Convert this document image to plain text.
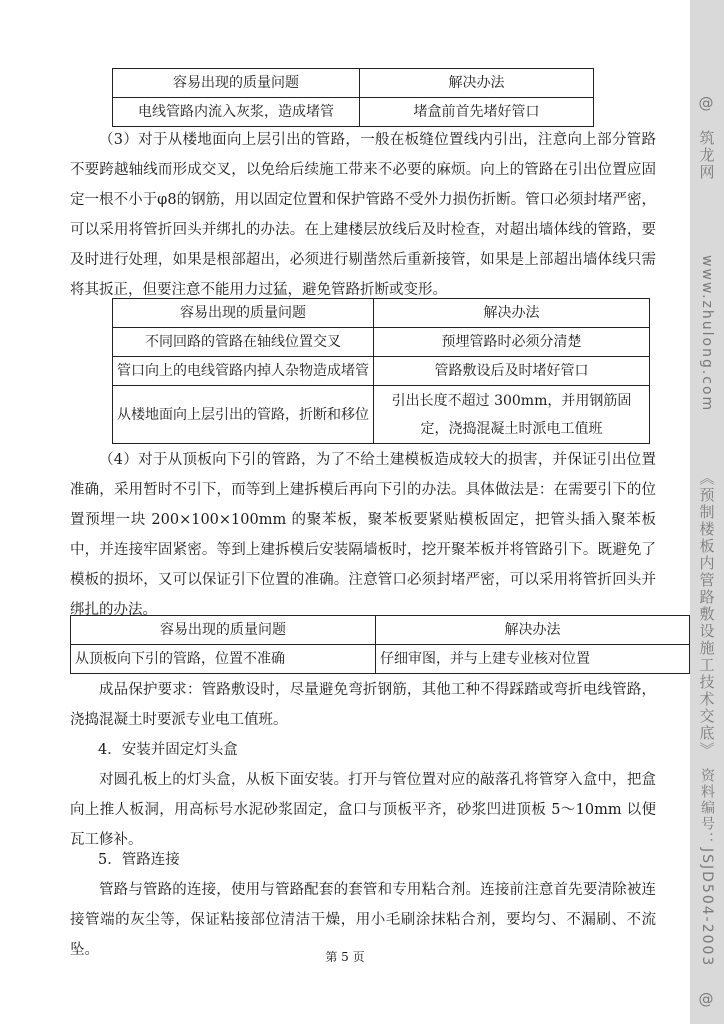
容易出现的质量问题	解决办法
电线管路内流入灰浆，造成堵管	堵盒前首先堵好管口

（3）对于从楼地面向上层引出的管路，一般在板缝位置线内引出，注意向上部分管路不要跨越轴线而形成交叉，以免给后续施工带来不必要的麻烦。向上的管路在引出位置应固定一根不小于φ8的钢筋，用以固定位置和保护管路不受外力损伤折断。管口必须封堵严密，可以采用将管折回头并绑扎的办法。在上建楼层放线后及时检查，对超出墙体线的管路，要及时进行处理，如果是根部超出，必须进行剔凿然后重新接管，如果是上部超出墙体线只需将其扳正，但要注意不能用力过猛，避免管路折断或变形。

容易出现的质量问题	解决办法
不同回路的管路在轴线位置交叉	预埋管路时必须分清楚
管口向上的电线管路内掉人杂物造成堵管	管路敷设后及时堵好管口
从楼地面向上层引出的管路，折断和移位	引出长度不超过 300mm，并用钢筋固定，浇捣混凝土时派电工值班

（4）对于从顶板向下引的管路，为了不给土建模板造成较大的损害，并保证引出位置准确，采用暂时不引下，而等到上建拆模后再向下引的办法。具体做法是：在需要引下的位置预埋一块 200×100×100mm 的聚苯板，聚苯板要紧贴模板固定，把管头插入聚苯板中，并连接牢固紧密。等到上建拆模后安装隔墙板时，挖开聚苯板并将管路引下。既避免了模板的损坏，又可以保证引下位置的准确。注意管口必须封堵严密，可以采用将管折回头并绑扎的办法。

容易出现的质量问题	解决办法
从顶板向下引的管路，位置不准确	仔细审图，并与上建专业核对位置

成品保护要求：管路敷设时，尽量避免弯折钢筋，其他工种不得踩踏或弯折电线管路，浇捣混凝土时要派专业电工值班。

4．安装并固定灯头盒

对圆孔板上的灯头盒，从板下面安装。打开与管位置对应的敲落孔将管穿入盒中，把盒向上推人板洞，用高标号水泥砂浆固定，盒口与顶板平齐，砂浆凹进顶板 5～10mm 以便瓦工修补。

5．管路连接

管路与管路的连接，使用与管路配套的套管和专用粘合剂。连接前注意首先要清除被连接管端的灰尘等，保证粘接部位清洁干燥，用小毛刷涂抹粘合剂，要均匀、不漏刷、不流坠。	第 5 页
@
筑龙网
www.zhulong.com
《预制楼板内管路敷设施工技术交底》
资料编号：JSJD504-2003
@
